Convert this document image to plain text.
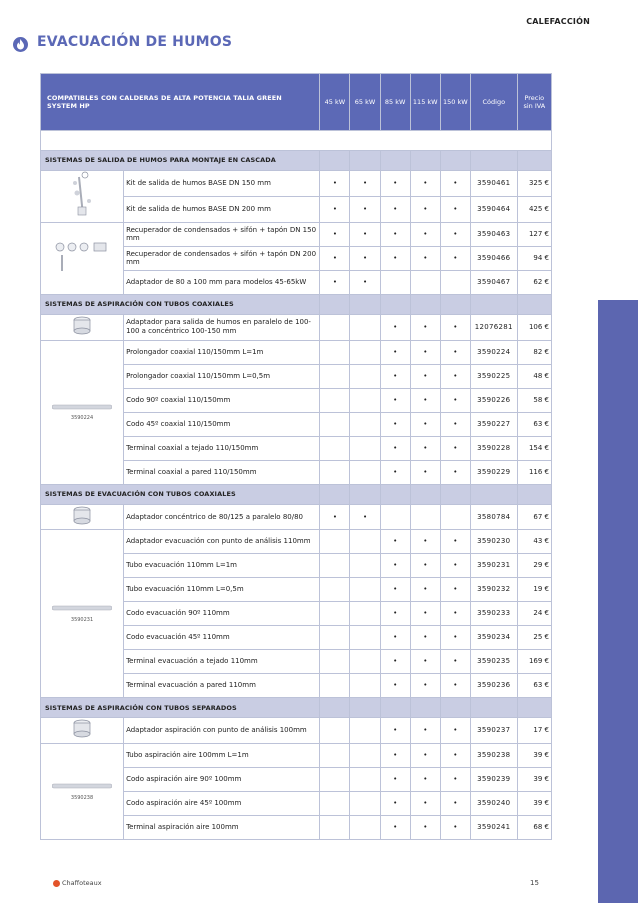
CALEFACCIÓN
EVACUACIÓN DE HUMOS
COMPATIBLES CON CALDERAS DE ALTA POTENCIA TALIA GREEN SYSTEM HP		45 kW	65 kW	85 kW	115 kW	150 kW	Código	Precio sin IVA

SISTEMAS DE SALIDA DE HUMOS PARA MONTAJE EN CASCADA								
	Kit de salida de humos BASE DN 150 mm	•	•	•	•	•	3590461	325 €
	Kit de salida de humos BASE DN 200 mm	•	•	•	•	•	3590464	425 €
	Recuperador de condensados + sifón + tapón DN 150 mm	•	•	•	•	•	3590463	127 €
	Recuperador de condensados + sifón + tapón DN 200 mm	•	•	•	•	•	3590466	94 €
	Adaptador de 80 a 100 mm para modelos 45-65kW	•	•				3590467	62 €
SISTEMAS DE ASPIRACIÓN CON TUBOS COAXIALES								
	Adaptador para salida de humos en paralelo de 100-100 a concéntrico 100-150 mm			•	•	•	12076281	106 €

3590224	Prolongador coaxial 110/150mm L=1m			•	•	•	3590224	82 €
	Prolongador coaxial 110/150mm L=0,5m			•	•	•	3590225	48 €
	Codo 90º coaxial 110/150mm			•	•	•	3590226	58 €
	Codo 45º coaxial 110/150mm			•	•	•	3590227	63 €
	Terminal coaxial a tejado 110/150mm			•	•	•	3590228	154 €
	Terminal coaxial a pared 110/150mm			•	•	•	3590229	116 €
SISTEMAS DE EVACUACIÓN CON TUBOS COAXIALES								
	Adaptador concéntrico de 80/125 a paralelo 80/80	•	•				3580784	67 €

3590231	Adaptador evacuación con punto de análisis 110mm			•	•	•	3590230	43 €
	Tubo evacuación 110mm L=1m			•	•	•	3590231	29 €
	Tubo evacuación 110mm L=0,5m			•	•	•	3590232	19 €
	Codo evacuación 90º 110mm			•	•	•	3590233	24 €
	Codo evacuación 45º 110mm			•	•	•	3590234	25 €
	Terminal evacuación a tejado 110mm			•	•	•	3590235	169 €
	Terminal evacuación a pared 110mm			•	•	•	3590236	63 €
SISTEMAS DE ASPIRACIÓN CON TUBOS SEPARADOS								
	Adaptador aspiración con punto de análisis 100mm			•	•	•	3590237	17 €

3590238	Tubo aspiración aire 100mm L=1m			•	•	•	3590238	39 €
	Codo aspiración aire 90º 100mm			•	•	•	3590239	39 €
	Codo aspiración aire 45º 100mm			•	•	•	3590240	39 €
	Terminal aspiración aire 100mm			•	•	•	3590241	68 €
Chaffoteaux	15
